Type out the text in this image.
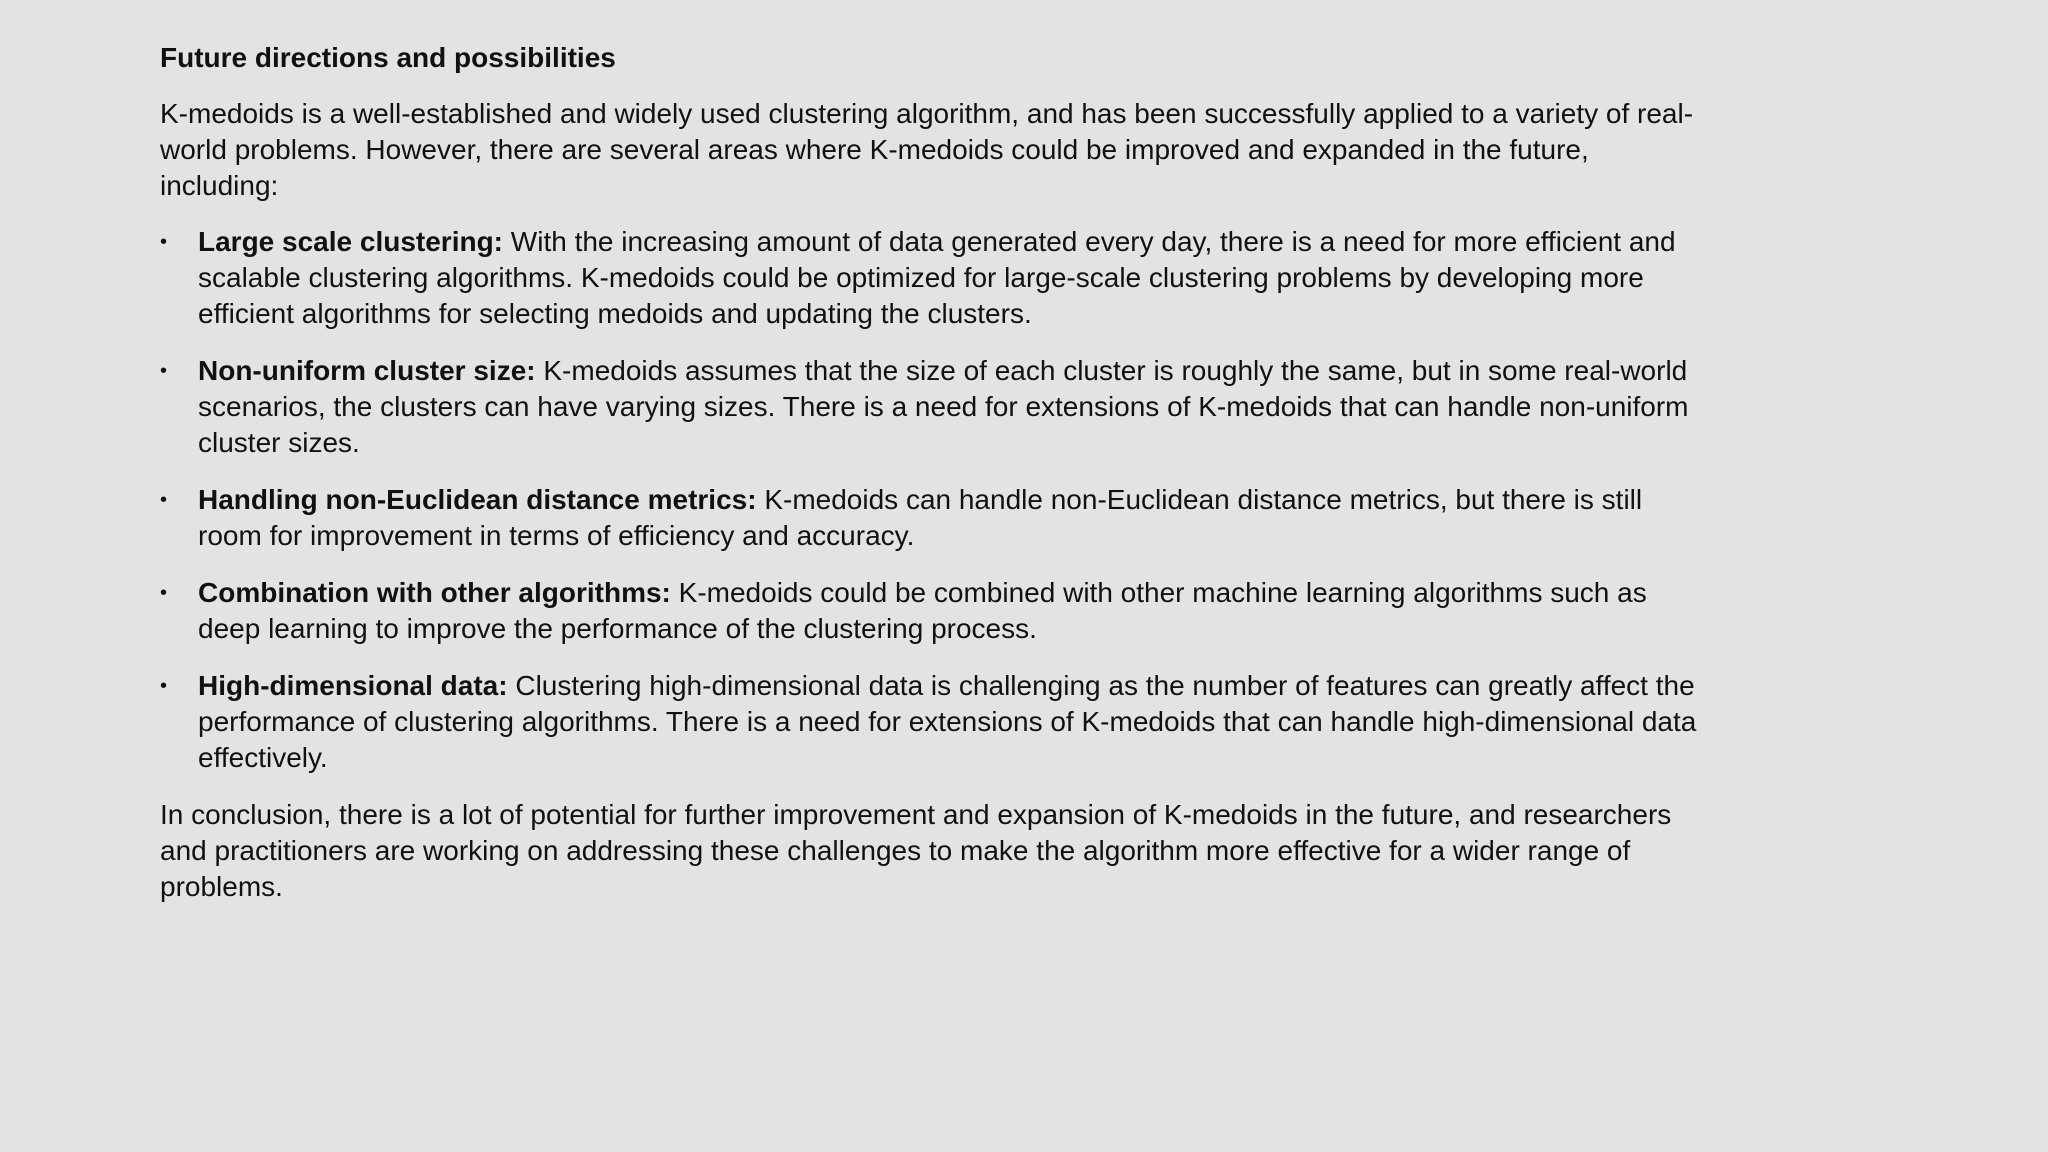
Future directions and possibilities

K-medoids is a well-established and widely used clustering algorithm, and has been successfully applied to a variety of real-world problems. However, there are several areas where K-medoids could be improved and expanded in the future, including:

• Large scale clustering: With the increasing amount of data generated every day, there is a need for more efficient and scalable clustering algorithms. K-medoids could be optimized for large-scale clustering problems by developing more efficient algorithms for selecting medoids and updating the clusters.
• Non-uniform cluster size: K-medoids assumes that the size of each cluster is roughly the same, but in some real-world scenarios, the clusters can have varying sizes. There is a need for extensions of K-medoids that can handle non-uniform cluster sizes.
• Handling non-Euclidean distance metrics: K-medoids can handle non-Euclidean distance metrics, but there is still room for improvement in terms of efficiency and accuracy.
• Combination with other algorithms: K-medoids could be combined with other machine learning algorithms such as deep learning to improve the performance of the clustering process.
• High-dimensional data: Clustering high-dimensional data is challenging as the number of features can greatly affect the performance of clustering algorithms. There is a need for extensions of K-medoids that can handle high-dimensional data effectively.

In conclusion, there is a lot of potential for further improvement and expansion of K-medoids in the future, and researchers and practitioners are working on addressing these challenges to make the algorithm more effective for a wider range of problems.
